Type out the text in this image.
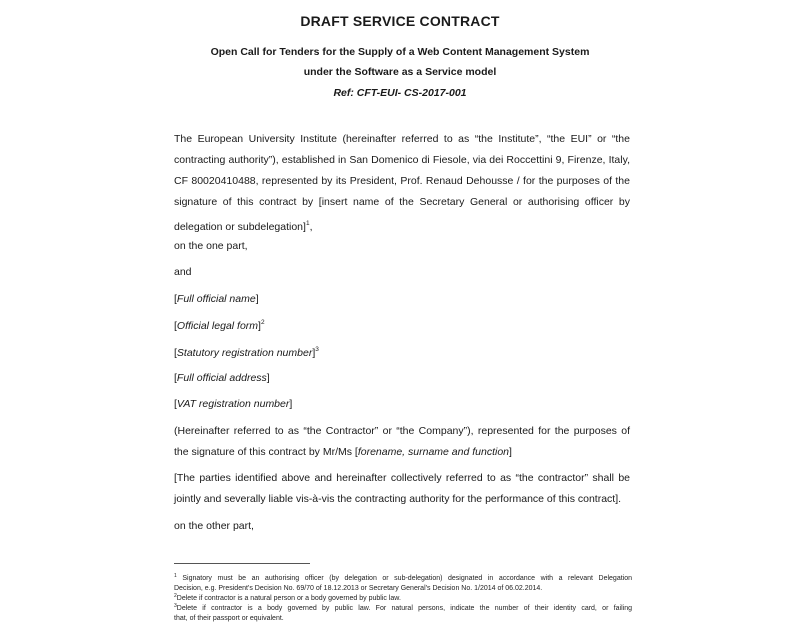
DRAFT SERVICE CONTRACT
Open Call for Tenders for the Supply of a Web Content Management System
under the Software as a Service model
Ref: CFT-EUI- CS-2017-001
The European University Institute (hereinafter referred to as “the Institute”, “the EUI” or “the
contracting authority”), established in San Domenico di Fiesole, via dei Roccettini 9, Firenze, Italy,
CF 80020410488, represented by its President, Prof. Renaud Dehousse / for the purposes of the
signature of this contract by [insert name of the Secretary General or authorising officer by
delegation or subdelegation]$^1$,
on the one part,
and
[Full official name]
[Official legal form]$^2$
[Statutory registration number]$^3$
[Full official address]
[VAT registration number]
(Hereinafter referred to as “the Contractor” or “the Company”), represented for the purposes of
the signature of this contract by Mr/Ms [forename, surname and function]
[The parties identified above and hereinafter collectively referred to as “the contractor” shall be
jointly and severally liable vis-à-vis the contracting authority for the performance of this contract].
on the other part,
$^1$ Signatory must be an authorising officer (by delegation or sub-delegation) designated in accordance with a relevant Delegation
Decision, e.g. President’s Decision No. 69/70 of 18.12.2013 or Secretary General’s Decision No. 1/2014 of 06.02.2014.
$^2$Delete if contractor is a natural person or a body governed by public law.
$^3$Delete if contractor is a body governed by public law. For natural persons, indicate the number of their identity card, or failing
that, of their passport or equivalent.
